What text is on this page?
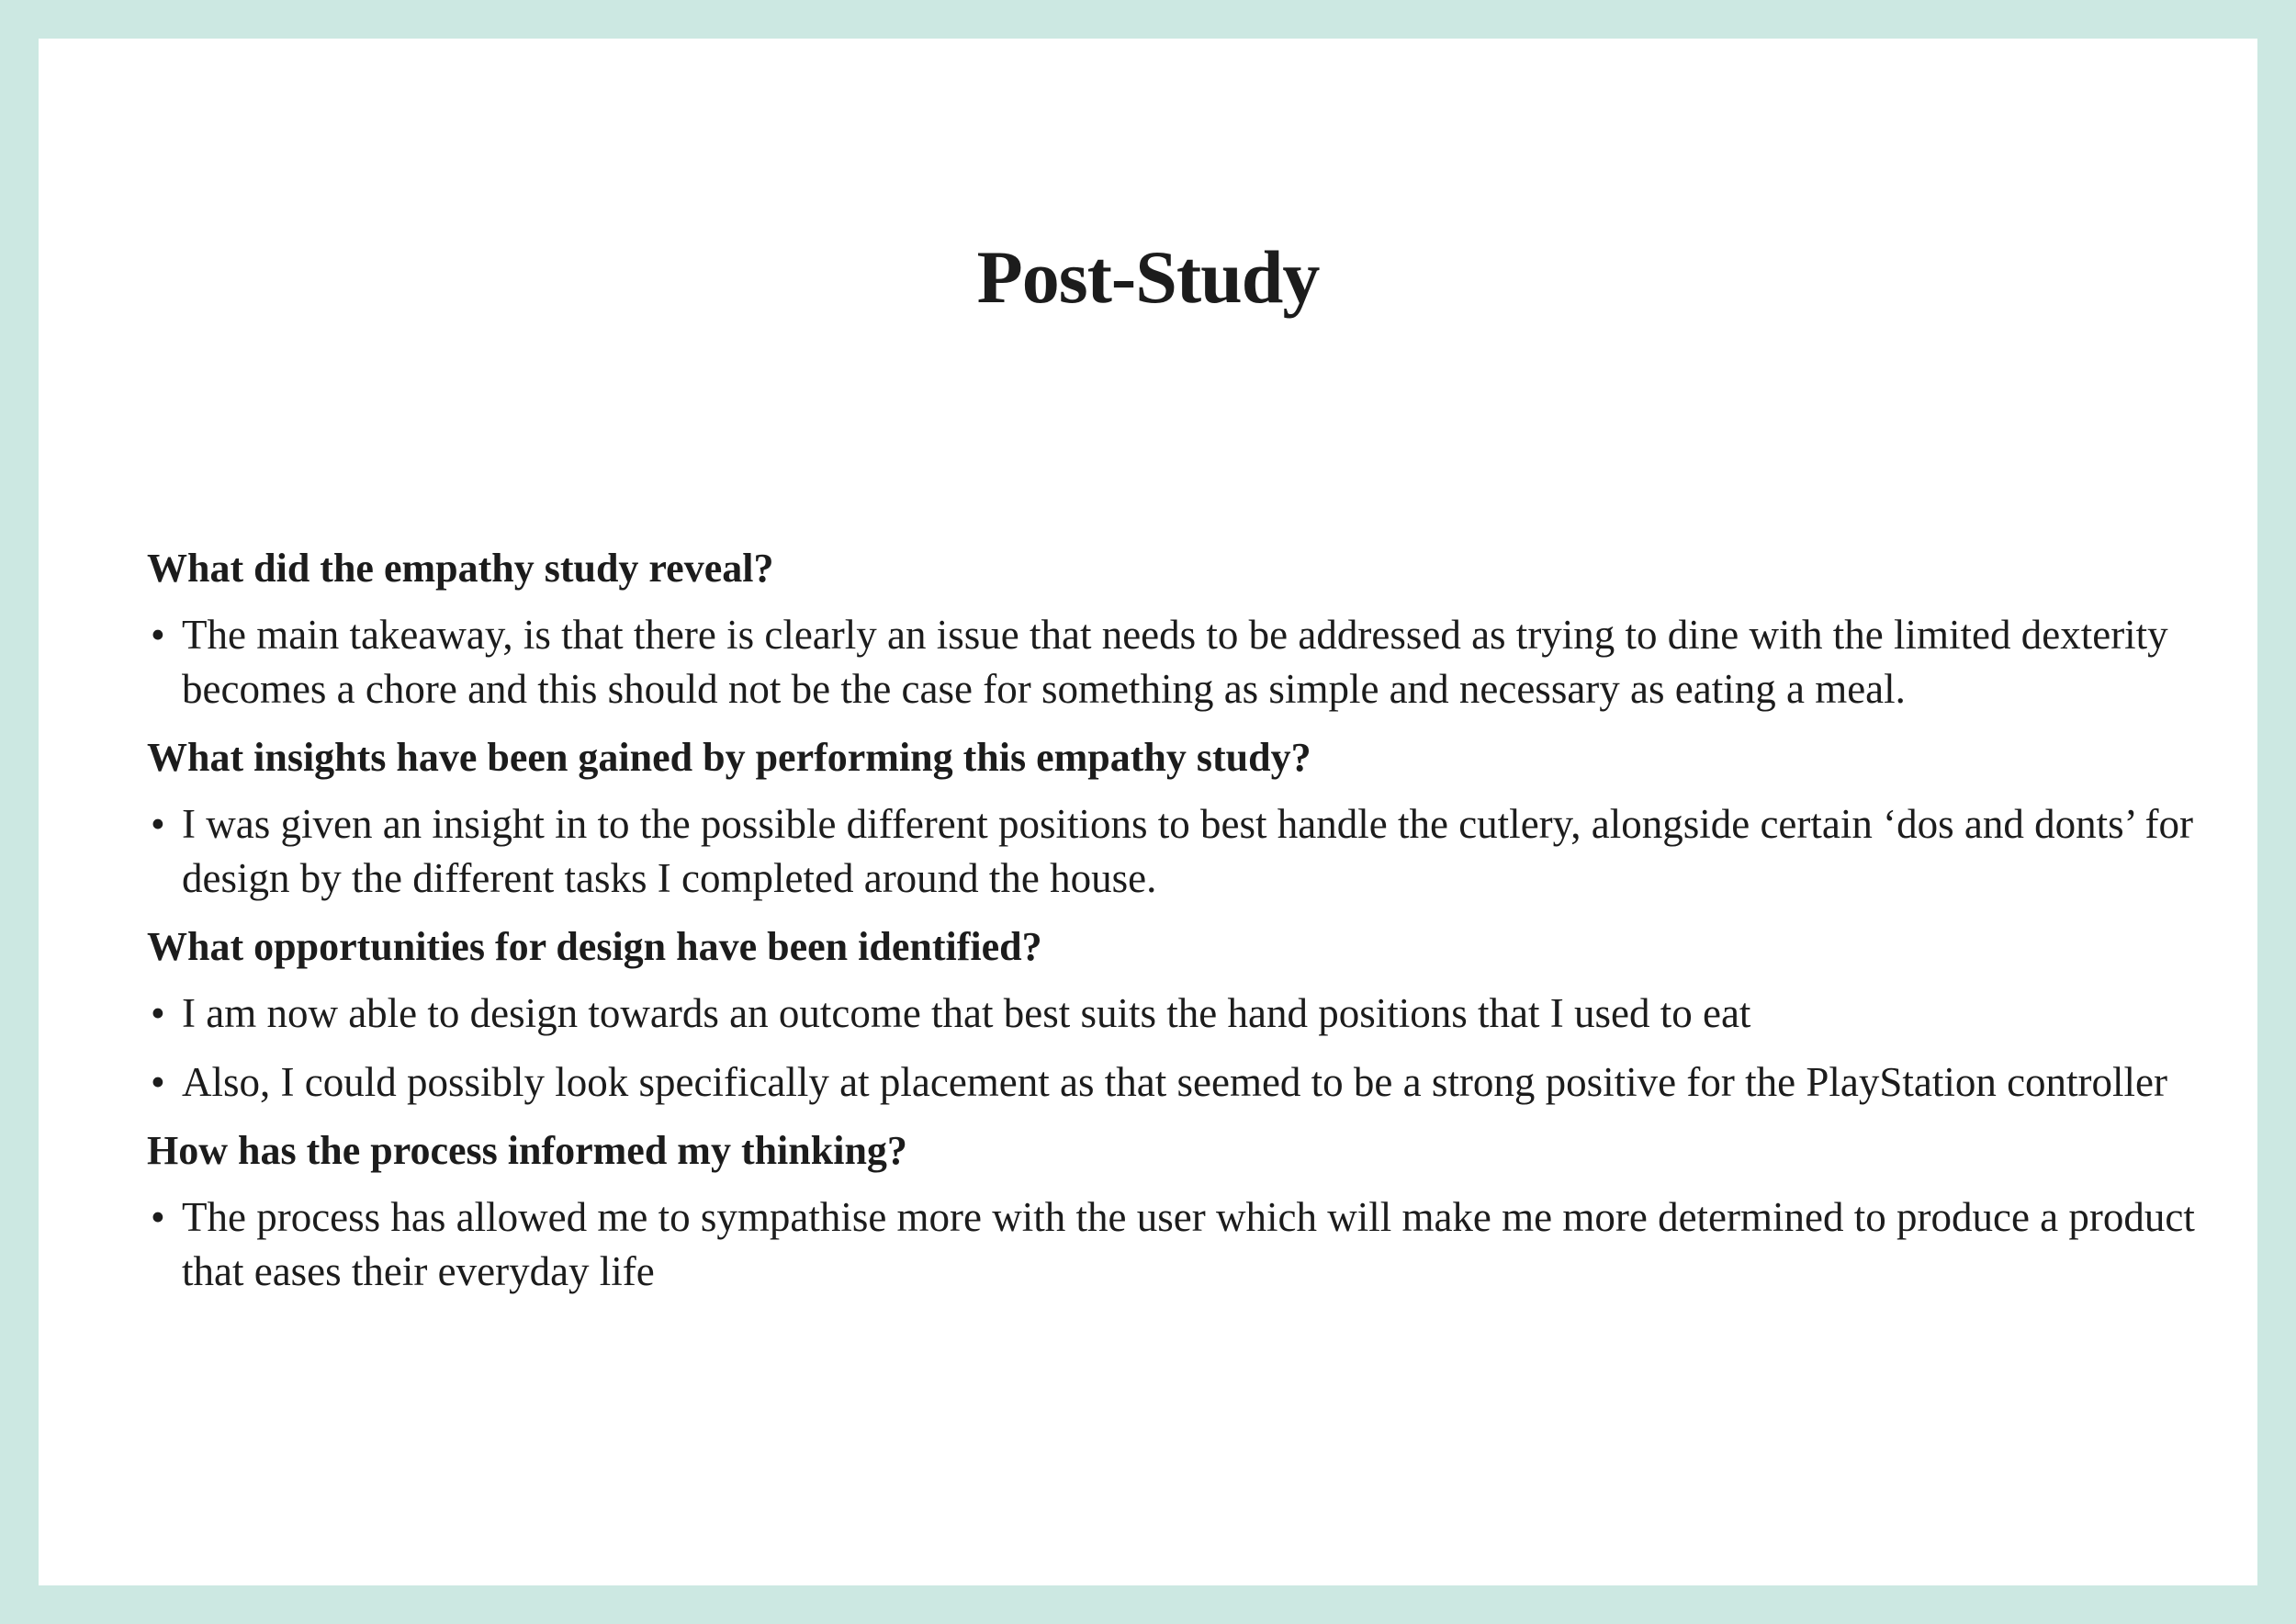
Post-Study

What did the empathy study reveal?

• The main takeaway, is that there is clearly an issue that needs to be addressed as trying to dine with the limited dexterity becomes a chore and this should not be the case for something as simple and necessary as eating a meal.

What insights have been gained by performing this empathy study?

• I was given an insight in to the possible different positions to best handle the cutlery, alongside certain ‘dos and donts’ for design by the different tasks I completed around the house.

What opportunities for design have been identified?

• I am now able to design towards an outcome that best suits the hand positions that I used to eat
• Also, I could possibly look specifically at placement as that seemed to be a strong positive for the PlayStation controller

How has the process informed my thinking?

• The process has allowed me to sympathise more with the user which will make me more determined to produce a product that eases their everyday life
